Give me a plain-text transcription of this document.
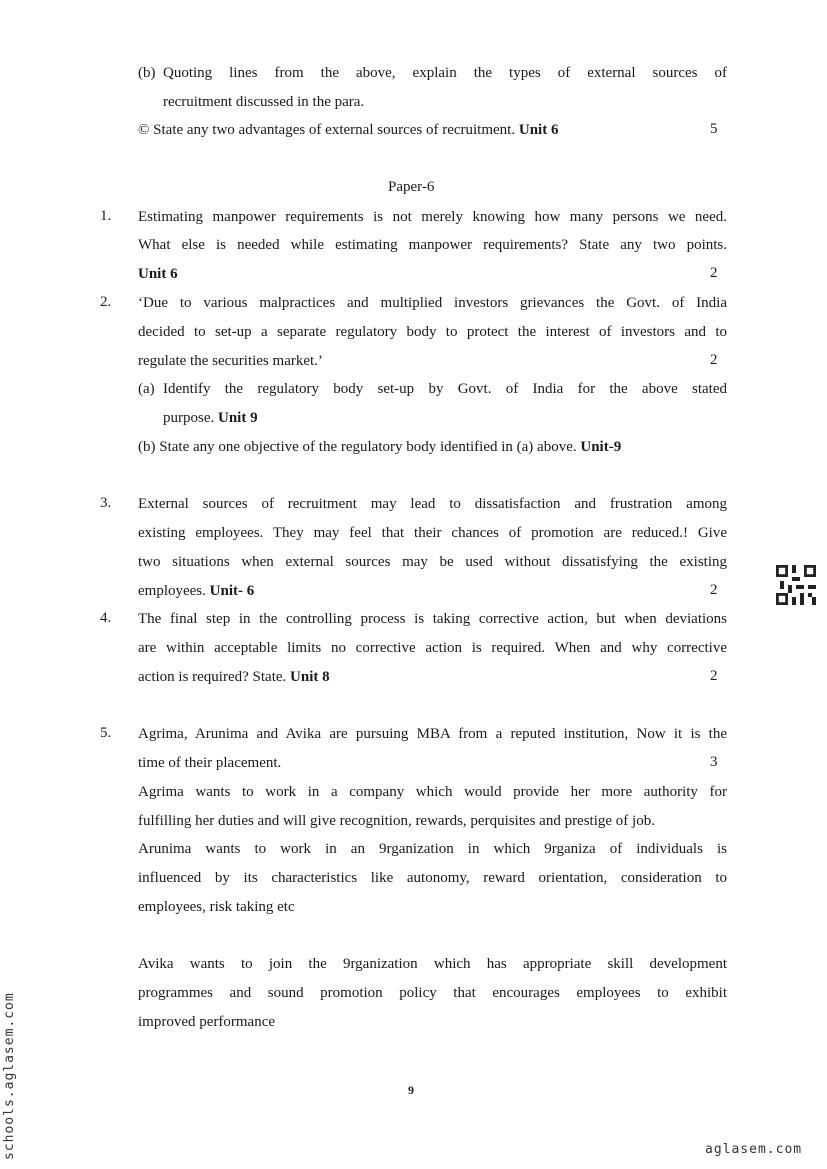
(b) Quoting lines from the above, explain the types of external sources of
recruitment discussed in the para.
© State any two advantages of external sources of recruitment. Unit 6	5
Paper-6
1. Estimating manpower requirements is not merely knowing how many persons we need.
What else is needed while estimating manpower requirements? State any two points.
Unit 6	2
2. ‘Due to various malpractices and multiplied investors grievances the Govt. of India
decided to set-up a separate regulatory body to protect the interest of investors and to
regulate the securities market.’	2
(a) Identify the regulatory body set-up by Govt. of India for the above stated
purpose. Unit 9
(b) State any one objective of the regulatory body identified in (a) above. Unit-9
3. External sources of recruitment may lead to dissatisfaction and frustration among
existing employees. They may feel that their chances of promotion are reduced.! Give
two situations when external sources may be used without dissatisfying the existing
employees. Unit- 6	2
4. The final step in the controlling process is taking corrective action, but when deviations
are within acceptable limits no corrective action is required. When and why corrective
action is required? State. Unit 8	2
5. Agrima, Arunima and Avika are pursuing MBA from a reputed institution, Now it is the
time of their placement.	3
Agrima wants to work in a company which would provide her more authority for
fulfilling her duties and will give recognition, rewards, perquisites and prestige of job.
Arunima wants to work in an 9rganization in which 9rganiza of individuals is
influenced by its characteristics like autonomy, reward orientation, consideration to
employees, risk taking etc
Avika wants to join the 9rganization which has appropriate skill development
programmes and sound promotion policy that encourages employees to exhibit
improved performance
9
schools.aglasem.com	aglasem.com
